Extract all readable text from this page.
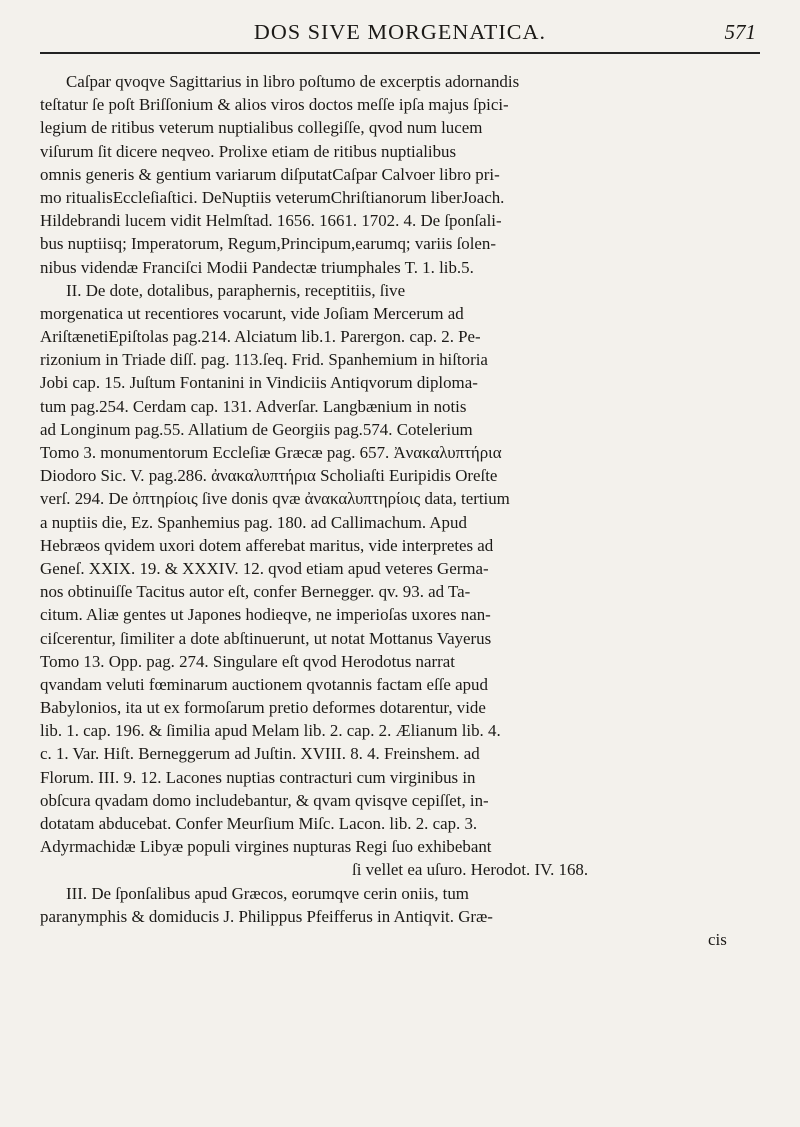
DOS SIVE MORGENATICA.	571
Caſpar qvoqve Sagittarius in libro poſtumo de excerptis adornandis
teſtatur ſe poſt Briſſonium & alios viros doctos meſſe ipſa majus ſpici-
legium de ritibus veterum nuptialibus collegiſſe, qvod num lucem
viſurum ſit dicere neqveo. Prolixe etiam de ritibus nuptialibus
omnis generis & gentium variarum diſputatCaſpar Calvoer libro pri-
mo ritualisEccleſiaſtici. DeNuptiis veterumChriſtianorum liberJoach.
Hildebrandi lucem vidit Helmſtad. 1656. 1661. 1702. 4. De ſponſali-
bus nuptiisq; Imperatorum, Regum,Principum,earumq; variis ſolen-
nibus videndæ Franciſci Modii Pandectæ triumphales T. 1. lib.5.
II. De dote, dotalibus, paraphernis, receptitiis, ſive
morgenatica ut recentiores vocarunt, vide Joſiam Mercerum ad
AriſtænetiEpiſtolas pag.214. Alciatum lib.1. Parergon. cap. 2. Pe-
rizonium in Triade diſſ. pag. 113.ſeq. Frid. Spanhemium in hiſtoria
Jobi cap. 15. Juſtum Fontanini in Vindiciis Antiqvorum diploma-
tum pag.254. Cerdam cap. 131. Adverſar. Langbænium in notis
ad Longinum pag.55. Allatium de Georgiis pag.574. Cotelerium
Tomo 3. monumentorum Eccleſiæ Græcæ pag. 657. Ἀνακαλυπτήρια
Diodoro Sic. V. pag.286. ἀνακαλυπτήρια Scholiaſti Euripidis Oreſte
verſ. 294. De ὀπτηρίοις ſive donis qvæ ἀνακαλυπτηρίοις data, tertium
a nuptiis die, Ez. Spanhemius pag. 180. ad Callimachum. Apud
Hebræos qvidem uxori dotem afferebat maritus, vide interpretes ad
Geneſ. XXIX. 19. & XXXIV. 12. qvod etiam apud veteres Germa-
nos obtinuiſſe Tacitus autor eſt, confer Bernegger. qv. 93. ad Ta-
citum. Aliæ gentes ut Japones hodieqve, ne imperioſas uxores nan-
ciſcerentur, ſimiliter a dote abſtinuerunt, ut notat Mottanus Vayerus
Tomo 13. Opp. pag. 274. Singulare eſt qvod Herodotus narrat
qvandam veluti fœminarum auctionem qvotannis factam eſſe apud
Babylonios, ita ut ex formoſarum pretio deformes dotarentur, vide
lib. 1. cap. 196. & ſimilia apud Melam lib. 2. cap. 2. Ælianum lib. 4.
c. 1. Var. Hiſt. Berneggerum ad Juſtin. XVIII. 8. 4. Freinshem. ad
Florum. III. 9. 12. Lacones nuptias contracturi cum virginibus in
obſcura qvadam domo includebantur, & qvam qvisqve cepiſſet, in-
dotatam abducebat. Confer Meurſium Miſc. Lacon. lib. 2. cap. 3.
Adyrmachidæ Libyæ populi virgines nupturas Regi ſuo exhibebant
ſi vellet ea uſuro. Herodot. IV. 168.
III. De ſponſalibus apud Græcos, eorumqve cerin oniis, tum
paranymphis & domiducis J. Philippus Pfeifferus in Antiqvit. Græ-
cis
